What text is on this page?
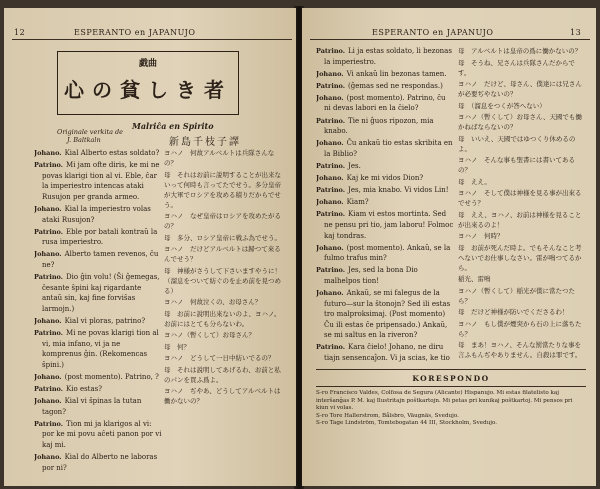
12	ESPERANTO en JAPANUJO
戯曲
心の貧しき者
Malriĉa en Spirito
Originale verkita de
J. Baltkaln	新島千枝子譯

Johano. Kial Alberto estas soldato?

Patrino. Mi jam ofte diris, ke mi ne povas klarigi tion al vi. Eble, ĉar la imperiestro intencas ataki Rusujon per granda armeo.

Johano. Kial la imperiestro volas ataki Rusujon?

Patrino. Eble por batali kontraŭ la rusa imperiestro.

Johano. Alberto tamen revenos, ĉu ne?

Patrino. Dio ĝin volu! (Ŝi ĝemegas, ĉesante ŝpini kaj rigardante antaŭ sin, kaj fine forviŝas larmojn.)

Johano. Kial vi ploras, patrino?

Patrino. Mi ne povas klarigi tion al vi, mia infano, vi ja ne komprenus ĝin. (Rekomencas ŝpini.)

Johano. (post momento). Patrino, ?

Patrino. Kio estas?

Johano. Kial vi ŝpinas la tutan tagon?

Patrino. Tion mi ja klarigos al vi: por ke mi povu aĉeti panon por vi kaj mi.

Johano. Kial do Alberto ne laboras por ni?

ヨハノ　何故アルベルトは兵隊さんなの？

母　それはお前に説明することが出来ないって何時も言ってたでせう。多分皇帝が大軍でロシアを攻める積りだからでせう。

ヨハノ　なぜ皇帝はロシアを攻めたがるの？

母　多分、ロシア皇帝に戦ふ為でせう。

ヨハノ　だけどアルベルトは歸つて來るんでせう？

母　神様がさうして下さいますやうに！（溜息をついて紡ぐのを止め前を見つめる）

ヨハノ　何故泣くの、お母さん？

母　お前に說明出來ないのよ、ヨハノ。お前にはとても分らないわ。

ヨハノ（暫くして）お母さん？

母　何？

ヨハノ　どうして一日中紡いでるの？

母　それは説明してあげるわ、お前と私のパンを買ふ爲よ。

ヨハノ　ぢやあ、どうしてアルベルトは働かないの？

ESPERANTO en JAPANUJO	13

Patrino. Li ja estas soldato, li bezonas la imperiestro.

Johano. Vi ankaŭ lin bezonas tamen.

Patrino. (ĝemas sed ne respondas.)

Johano. (post momento). Patrino, ĉu ni devas labori en la ĉielo?

Patrino. Tie ni ĝuos ripozon, mia knabo.

Johano. Ĉu ankaŭ tio estas skribita en la Biblio?

Patrino. Jes.

Johano. Kaj ke mi vidos Dion?

Patrino. Jes, mia knabo. Vi vidos Lin!

Johano. Kiam?

Patrino. Kiam vi estos mortinta. Sed ne pensu pri tio, jam laboru! Folmoc kaj tondras.

Johano. (post momento). Ankaŭ, se la fulmo trafus min?

Patrino. Jes, sed la bona Dio malhelpos tion!

Johano. Ankaŭ, se mi falegus de la futuro—sur la ŝtonojn? Sed ili estas tro malproksimaj. (Post momento) Ĉu ili estas ĉe pripensado.) Ankaŭ, se mi saltus en la riveron?

Patrino. Kara ĉielo! Johano, ne diru tiajn sensencaĵon. Vi ja scias, ke tio

母　アルベルトは皇帝の爲に働かないの？

母　そうね、兄さんは兵隊さんだからです。

ヨハノ　だけど、母さん、僕達には兄さんが必要ぢやないの？

母　（溜息をつくが答へない）

ヨハノ（暫くして）お母さん、天國でも働かねばならないの？

母　いいえ、天國ではゆつくり休めるのよ。

ヨハノ　そんな事も聖書には書いてあるの？

母　ええ。

ヨハノ　そして僕は神様を見る事が出來るでせう？

母　ええ、ヨハノ、お前は神様を見ることが出來るのよ！

ヨハノ　何時？

母　お前が死んだ時よ。でもそんなこと考へないでお仕事しなさい。雷が鳴つてるから。

稲光、雷鳴

ヨハノ（暫くして）稲光が僕に當たつたら？

母　だけど神様が防いでくださるわ！

ヨハノ　もし僕が煙突から石の上に落ちたら？

母　まあ！ヨハノ、そんな罰當たりな事を言ふもんぢやありません。自殺は罪です。

KORESPONDO

S-ro Francisco Valdes, Colfosa de Segura (Alicante) Hispanujo. Mi estas filatelisto kaj interŝanĝas P. M. kaj Ilustritajn poŝtkartojn. Mi petas pri kunikaj poŝtkartoj. Mi pensos pri kiun vi volas.

S-ro Tore Hallerstrom, Bålsbro, Väugnäs, Svedujo.

S-ro Tage Lindström, Tomtebogatan 44 III, Stockholm, Svedujo.
